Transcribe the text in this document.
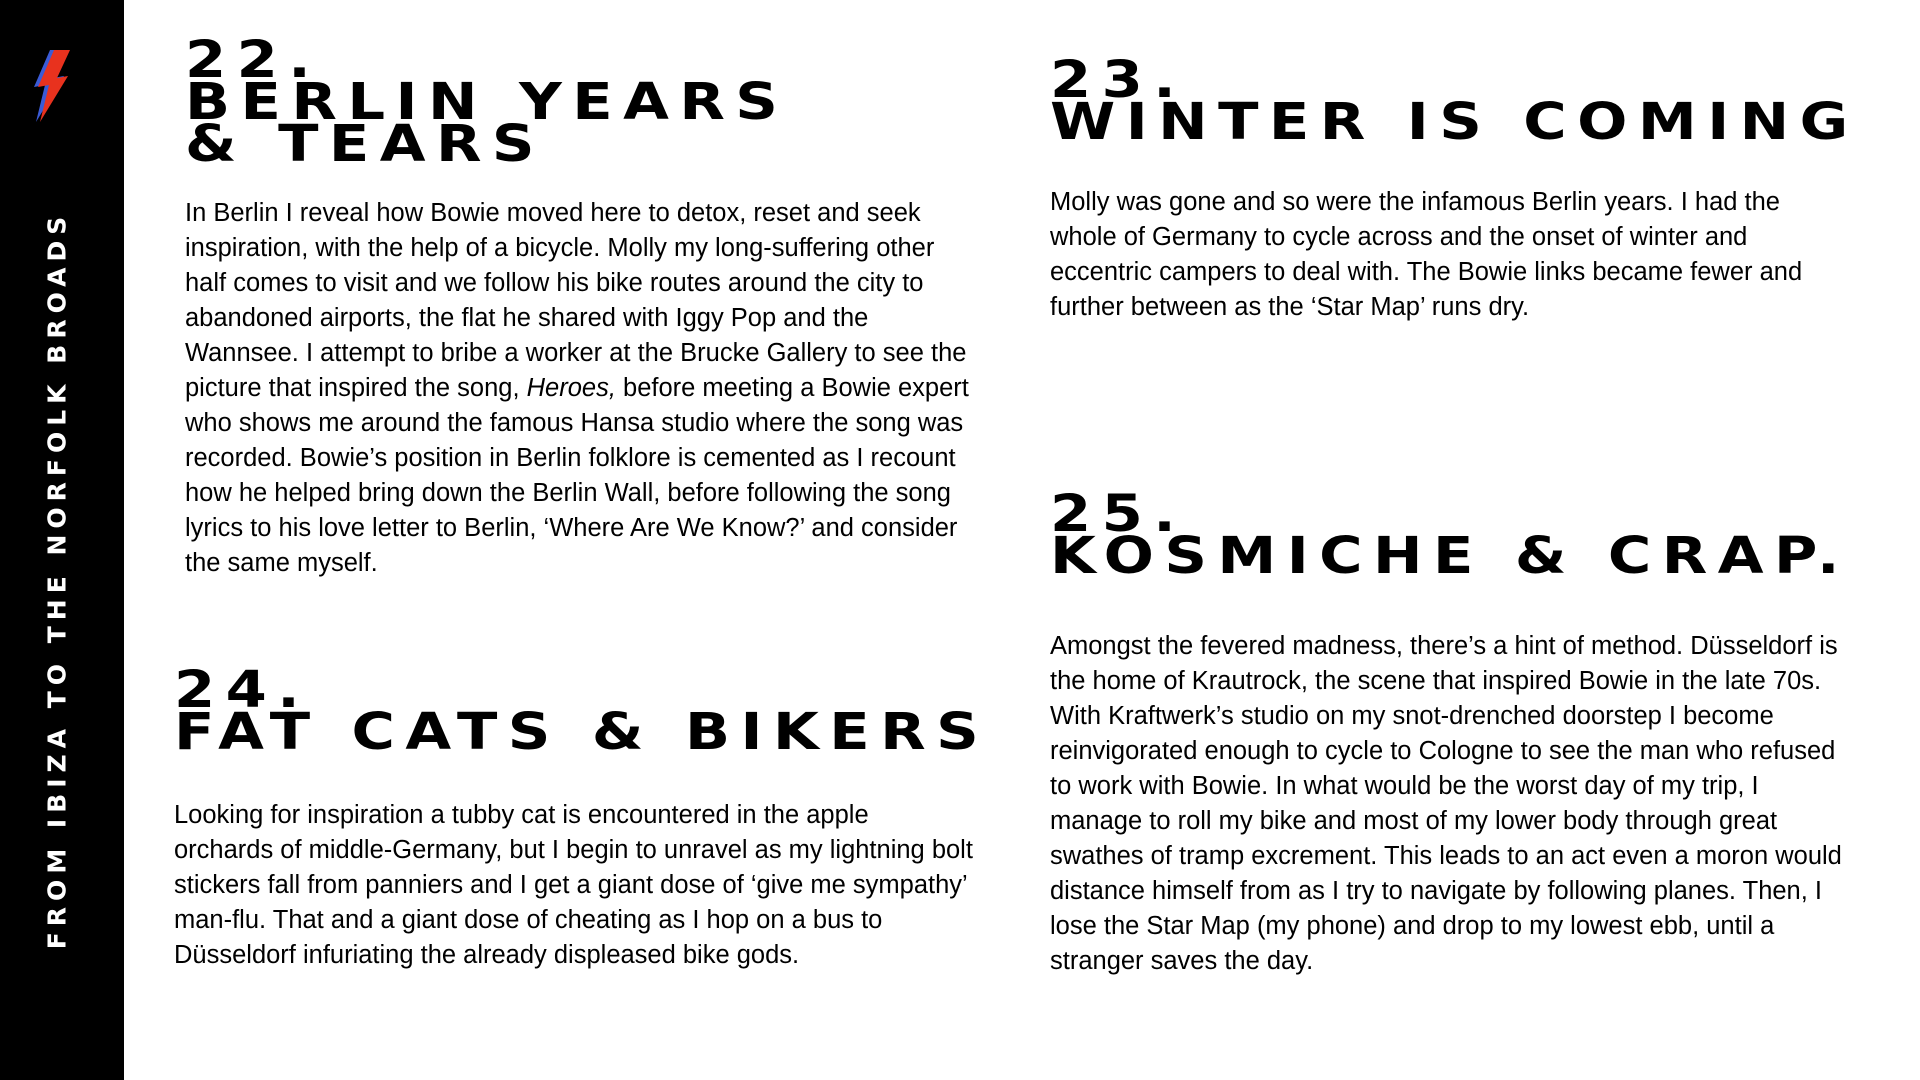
FROM IBIZA TO THE NORFOLK BROADS
22.
BERLIN YEARS
& TEARS

In Berlin I reveal how Bowie moved here to detox, reset and seek inspiration, with the help of a bicycle. Molly my long-suffering other half comes to visit and we follow his bike routes around the city to abandoned airports, the flat he shared with Iggy Pop and the Wannsee. I attempt to bribe a worker at the Brucke Gallery to see the picture that inspired the song, Heroes, before meeting a Bowie expert who shows me around the famous Hansa studio where the song was recorded. Bowie’s position in Berlin folklore is cemented as I recount how he helped bring down the Berlin Wall, before following the song lyrics to his love letter to Berlin, ‘Where Are We Know?’ and consider the same myself.

23.
WINTER IS COMING

Molly was gone and so were the infamous Berlin years. I had the whole of Germany to cycle across and the onset of winter and eccentric campers to deal with. The Bowie links became fewer and further between as the ‘Star Map’ runs dry.

24.
FAT CATS & BIKERS

Looking for inspiration a tubby cat is encountered in the apple orchards of middle-Germany, but I begin to unravel as my lightning bolt stickers fall from panniers and I get a giant dose of ‘give me sympathy’ man-flu. That and a giant dose of cheating as I hop on a bus to Düsseldorf infuriating the already displeased bike gods.

25.
KOSMICHE & CRAP.

Amongst the fevered madness, there’s a hint of method. Düsseldorf is the home of Krautrock, the scene that inspired Bowie in the late 70s. With Kraftwerk’s studio on my snot-drenched doorstep I become reinvigorated enough to cycle to Cologne to see the man who refused to work with Bowie. In what would be the worst day of my trip, I manage to roll my bike and most of my lower body through great swathes of tramp excrement. This leads to an act even a moron would distance himself from as I try to navigate by following planes. Then, I lose the Star Map (my phone) and drop to my lowest ebb, until a stranger saves the day.
